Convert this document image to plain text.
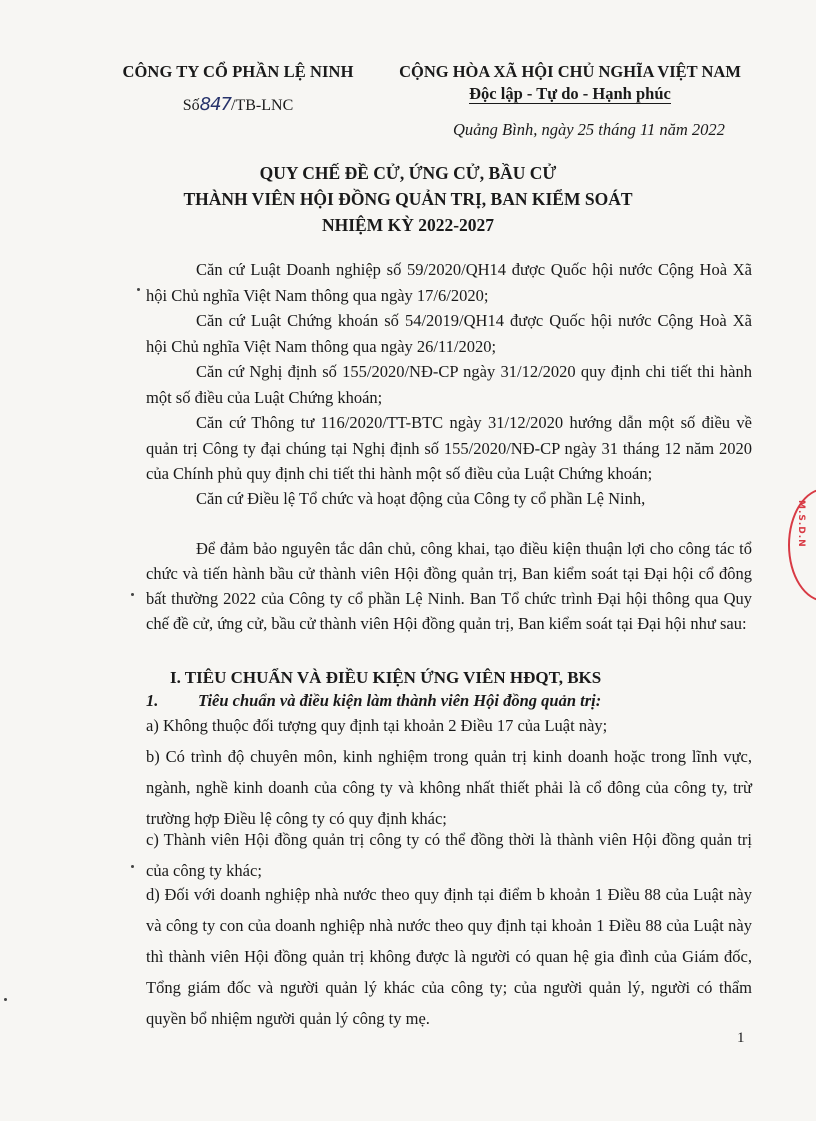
CÔNG TY CỔ PHẦN LỆ NINH
Số847/TB-LNC
CỘNG HÒA XÃ HỘI CHỦ NGHĨA VIỆT NAM
Độc lập - Tự do - Hạnh phúc
Quảng Bình, ngày 25 tháng 11 năm 2022
QUY CHẾ ĐỀ CỬ, ỨNG CỬ, BẦU CỬ
THÀNH VIÊN HỘI ĐỒNG QUẢN TRỊ, BAN KIỂM SOÁT
NHIỆM KỲ 2022-2027
Căn cứ Luật Doanh nghiệp số 59/2020/QH14 được Quốc hội nước Cộng Hoà Xã hội Chủ nghĩa Việt Nam thông qua ngày 17/6/2020;
Căn cứ Luật Chứng khoán số 54/2019/QH14 được Quốc hội nước Cộng Hoà Xã hội Chủ nghĩa Việt Nam thông qua ngày 26/11/2020;
Căn cứ Nghị định số 155/2020/NĐ-CP ngày 31/12/2020 quy định chi tiết thi hành một số điều của Luật Chứng khoán;
Căn cứ Thông tư 116/2020/TT-BTC ngày 31/12/2020 hướng dẫn một số điều về quản trị Công ty đại chúng tại Nghị định số 155/2020/NĐ-CP ngày 31 tháng 12 năm 2020 của Chính phủ quy định chi tiết thi hành một số điều của Luật Chứng khoán;
Căn cứ Điều lệ Tổ chức và hoạt động của Công ty cổ phần Lệ Ninh,
Để đảm bảo nguyên tắc dân chủ, công khai, tạo điều kiện thuận lợi cho công tác tổ chức và tiến hành bầu cử thành viên Hội đồng quản trị, Ban kiểm soát tại Đại hội cổ đông bất thường 2022 của Công ty cổ phần Lệ Ninh. Ban Tổ chức trình Đại hội thông qua Quy chế đề cử, ứng cử, bầu cử thành viên Hội đồng quản trị, Ban kiểm soát tại Đại hội như sau:
I. TIÊU CHUẨN VÀ ĐIỀU KIỆN ỨNG VIÊN HĐQT, BKS
1. Tiêu chuẩn và điều kiện làm thành viên Hội đồng quản trị:
a) Không thuộc đối tượng quy định tại khoản 2 Điều 17 của Luật này;
b) Có trình độ chuyên môn, kinh nghiệm trong quản trị kinh doanh hoặc trong lĩnh vực, ngành, nghề kinh doanh của công ty và không nhất thiết phải là cổ đông của công ty, trừ trường hợp Điều lệ công ty có quy định khác;
c) Thành viên Hội đồng quản trị công ty có thể đồng thời là thành viên Hội đồng quản trị của công ty khác;
d) Đối với doanh nghiệp nhà nước theo quy định tại điểm b khoản 1 Điều 88 của Luật này và công ty con của doanh nghiệp nhà nước theo quy định tại khoản 1 Điều 88 của Luật này thì thành viên Hội đồng quản trị không được là người có quan hệ gia đình của Giám đốc, Tổng giám đốc và người quản lý khác của công ty; của người quản lý, người có thẩm quyền bổ nhiệm người quản lý công ty mẹ.
1
M.S.D.N
